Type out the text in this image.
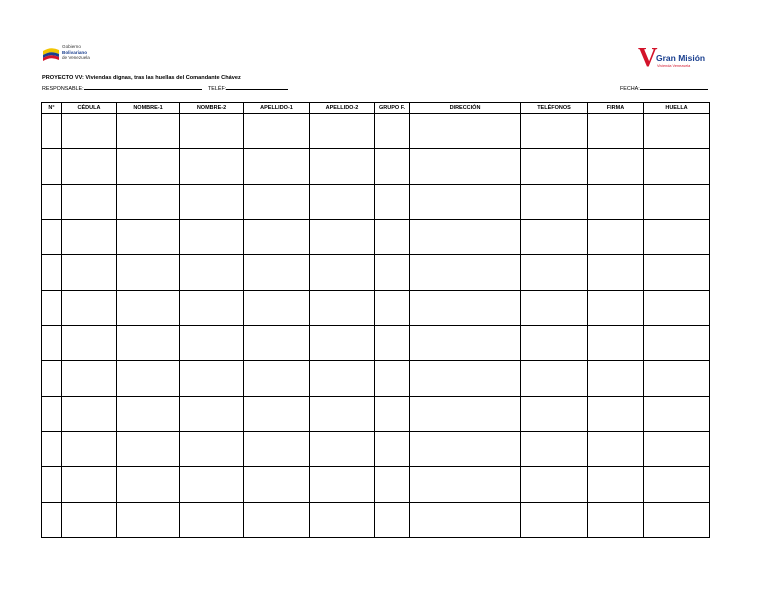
Gobierno
Bolivariano
de Venezuela	V
Gran Misión
Vivienda Venezuela
PROYECTO VV: Viviendas dignas, tras las huellas del Comandante Chávez
RESPONSABLE:	TELÉF:	FECHA:
N°	CÉDULA	NOMBRE-1	NOMBRE-2	APELLIDO-1	APELLIDO-2	GRUPO F.	DIRECCIÓN	TELÉFONOS	FIRMA	HUELLA
